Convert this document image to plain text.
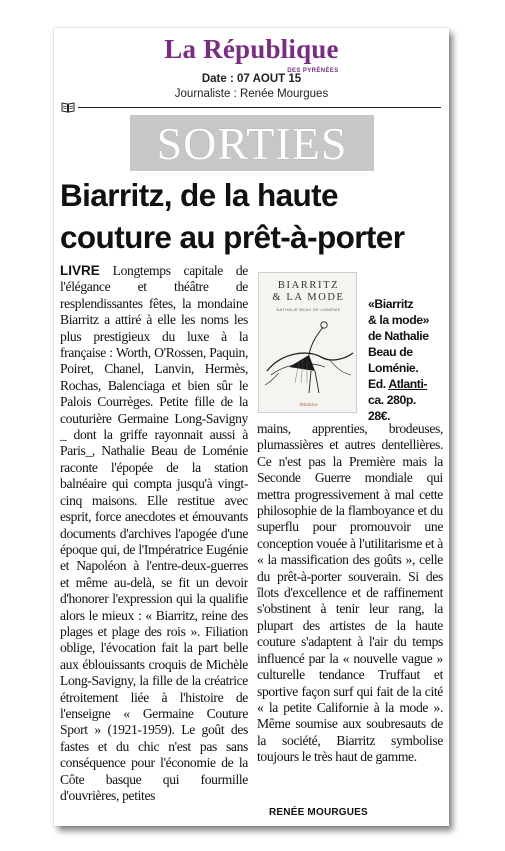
La République
DES PYRÉNÉES
Date : 07 AOUT 15
Journaliste : Renée Mourgues
SORTIES
Biarritz, de la haute
couture au prêt-à-porter
LIVRE Longtemps capitale de l'élégance et théâtre de resplendissantes fêtes, la mondaine Biarritz a attiré à elle les noms les plus prestigieux du luxe à la française : Worth, O'Rossen, Paquin, Poiret, Chanel, Lanvin, Hermès, Rochas, Balenciaga et bien sûr le Palois Courrèges. Petite fille de la couturière Germaine Long-Savigny _ dont la griffe rayonnait aussi à Paris_, Nathalie Beau de Loménie raconte l'épopée de la station balnéaire qui compta jusqu'à vingt-cinq maisons. Elle restitue avec esprit, force anecdotes et émouvants documents d'archives l'apogée d'une époque qui, de l'Impératrice Eugénie et Napoléon à l'entre-deux-guerres et même au-delà, se fit un devoir d'honorer l'expression qui la qualifie alors le mieux : « Biarritz, reine des plages et plage des rois ». Filiation oblige, l'évocation fait la part belle aux éblouissants croquis de Michèle Long-Savigny, la fille de la créatrice étroitement liée à l'histoire de l'enseigne « Germaine Couture Sport » (1921-1959). Le goût des fastes et du chic n'est pas sans conséquence pour l'économie de la Côte basque qui fourmille d'ouvrières, petites
BIARRITZ
& LA MODE
NATHALIE BEAU DE LOMÉNIE
Atlantica
«Biarritz
& la mode»
de Nathalie
Beau de
Loménie.
Ed. Atlanti-
ca. 280p.
28€.
mains, apprenties, brodeuses, plumassières et autres dentellières. Ce n'est pas la Première mais la Seconde Guerre mondiale qui mettra progressivement à mal cette philosophie de la flamboyance et du superflu pour promouvoir une conception vouée à l'utilitarisme et à « la massification des goûts », celle du prêt-à-porter souverain. Si des îlots d'excellence et de raffinement s'obstinent à tenir leur rang, la plupart des artistes de la haute couture s'adaptent à l'air du temps influencé par la « nouvelle vague » culturelle tendance Truffaut et sportive façon surf qui fait de la cité « la petite Californie à la mode ». Même soumise aux soubresauts de la société, Biarritz symbolise toujours le très haut de gamme.
RENÉE MOURGUES
